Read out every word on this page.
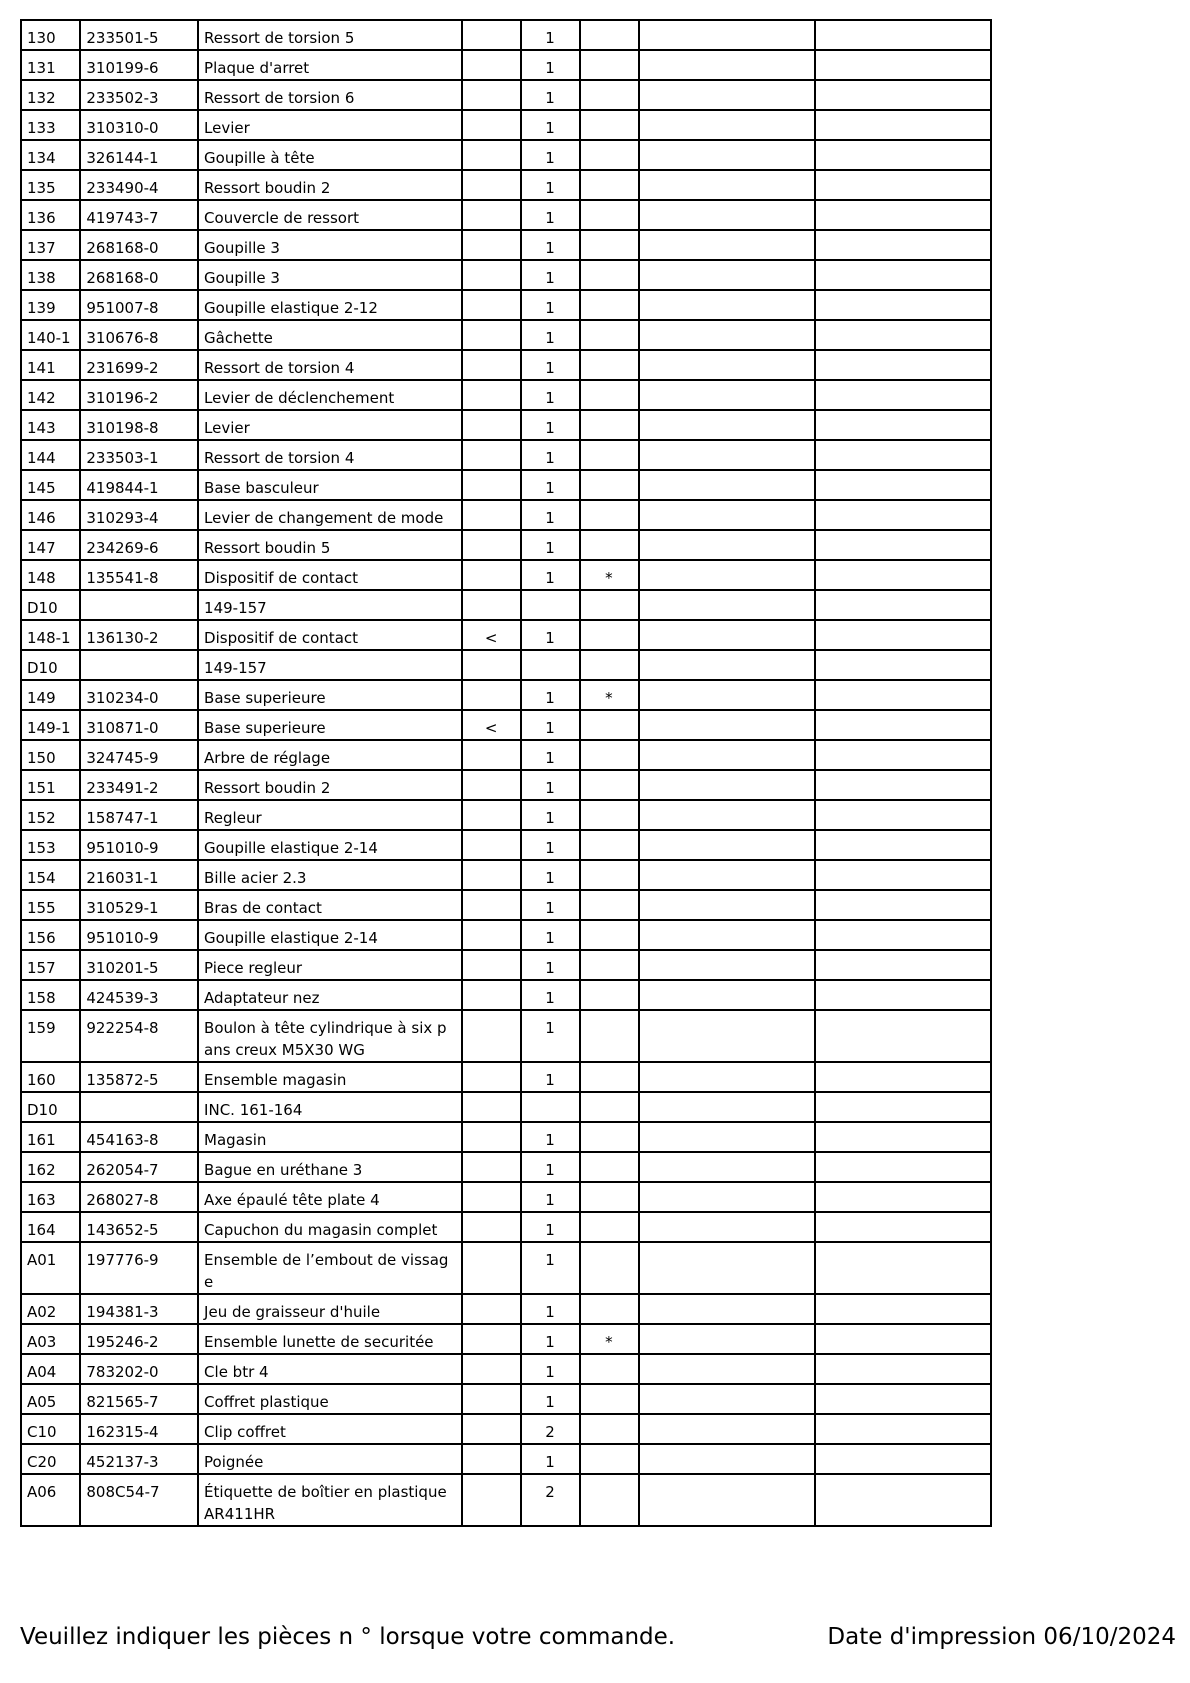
130	233501-5	Ressort de torsion 5		1			
131	310199-6	Plaque d'arret		1			
132	233502-3	Ressort de torsion 6		1			
133	310310-0	Levier		1			
134	326144-1	Goupille à tête		1			
135	233490-4	Ressort boudin 2		1			
136	419743-7	Couvercle de ressort		1			
137	268168-0	Goupille 3		1			
138	268168-0	Goupille 3		1			
139	951007-8	Goupille elastique 2-12		1			
140-1	310676-8	Gâchette		1			
141	231699-2	Ressort de torsion 4		1			
142	310196-2	Levier de déclenchement		1			
143	310198-8	Levier		1			
144	233503-1	Ressort de torsion 4		1			
145	419844-1	Base basculeur		1			
146	310293-4	Levier de changement de mode		1			
147	234269-6	Ressort boudin 5		1			
148	135541-8	Dispositif de contact		1	*		
D10		149-157					
148-1	136130-2	Dispositif de contact	<	1			
D10		149-157					
149	310234-0	Base superieure		1	*		
149-1	310871-0	Base superieure	<	1			
150	324745-9	Arbre de réglage		1			
151	233491-2	Ressort boudin 2		1			
152	158747-1	Regleur		1			
153	951010-9	Goupille elastique 2-14		1			
154	216031-1	Bille acier 2.3		1			
155	310529-1	Bras de contact		1			
156	951010-9	Goupille elastique 2-14		1			
157	310201-5	Piece regleur		1			
158	424539-3	Adaptateur nez		1			
159	922254-8	Boulon à tête cylindrique à six pans creux M5X30 WG		1			
160	135872-5	Ensemble magasin		1			
D10		INC. 161-164					
161	454163-8	Magasin		1			
162	262054-7	Bague en uréthane 3		1			
163	268027-8	Axe épaulé tête plate 4		1			
164	143652-5	Capuchon du magasin complet		1			
A01	197776-9	Ensemble de l’embout de vissage		1			
A02	194381-3	Jeu de graisseur d'huile		1			
A03	195246-2	Ensemble lunette de securitée		1	*		
A04	783202-0	Cle btr 4		1			
A05	821565-7	Coffret plastique		1			
C10	162315-4	Clip coffret		2			
C20	452137-3	Poignée		1			
A06	808C54-7	Étiquette de boîtier en plastique AR411HR		2			
Veuillez indiquer les pièces n ° lorsque votre commande.	Date d'impression 06/10/2024
